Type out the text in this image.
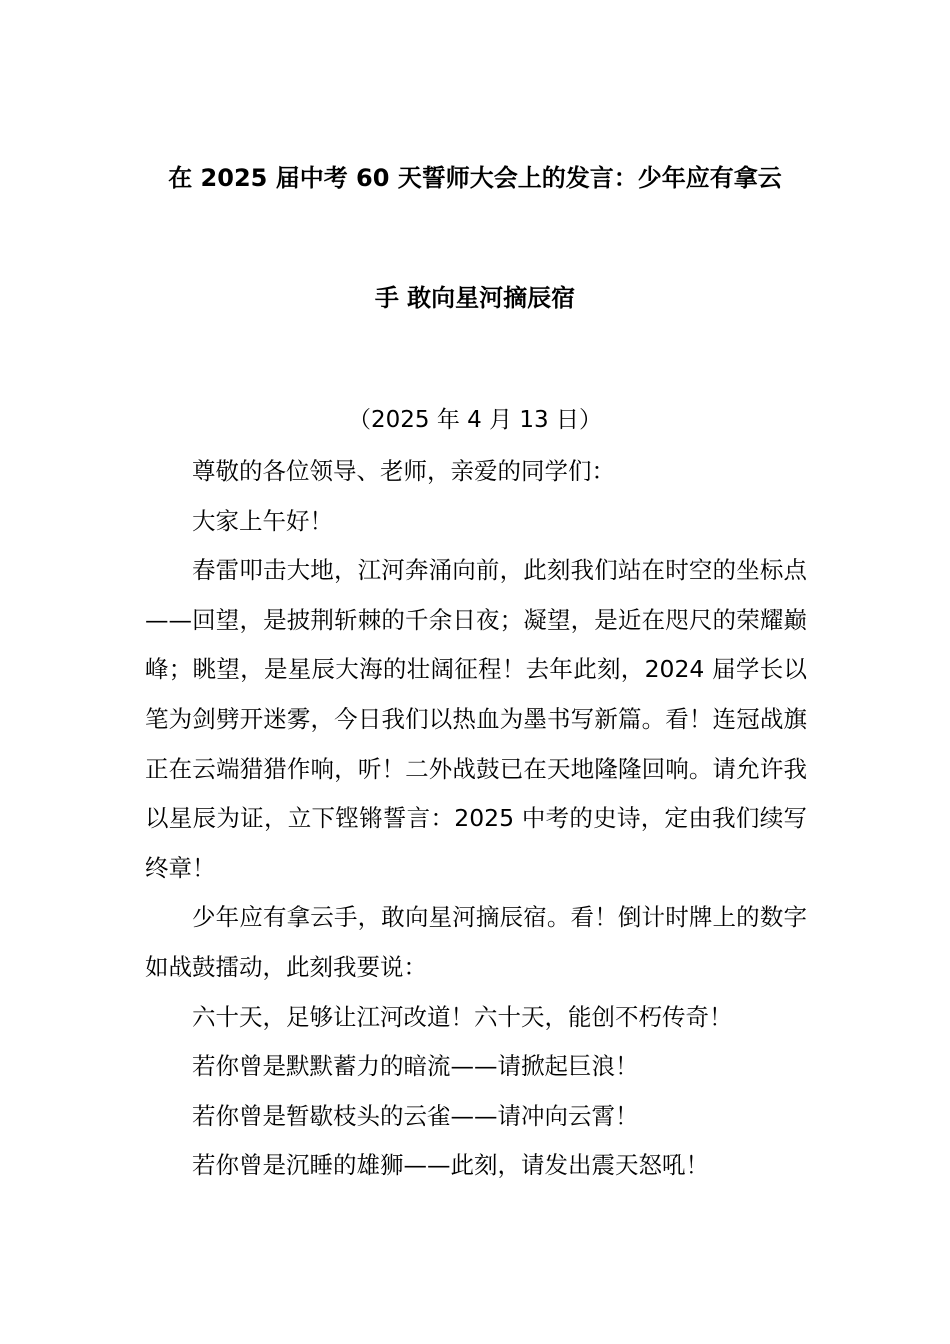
在 2025 届中考 60 天誓师大会上的发言：少年应有拿云
手 敢向星河摘辰宿
（2025 年 4 月 13 日）

尊敬的各位领导、老师，亲爱的同学们：

大家上午好！

春雷叩击大地，江河奔涌向前，此刻我们站在时空的坐标点——回望，是披荆斩棘的千余日夜；凝望，是近在咫尺的荣耀巅峰；眺望，是星辰大海的壮阔征程！去年此刻，2024 届学长以笔为剑劈开迷雾，今日我们以热血为墨书写新篇。看！连冠战旗正在云端猎猎作响，听！二外战鼓已在天地隆隆回响。请允许我以星辰为证，立下铿锵誓言：2025 中考的史诗，定由我们续写终章！

少年应有拿云手，敢向星河摘辰宿。看！倒计时牌上的数字如战鼓擂动，此刻我要说：

六十天，足够让江河改道！六十天，能创不朽传奇！

若你曾是默默蓄力的暗流——请掀起巨浪！

若你曾是暂歇枝头的云雀——请冲向云霄！

若你曾是沉睡的雄狮——此刻，请发出震天怒吼！
